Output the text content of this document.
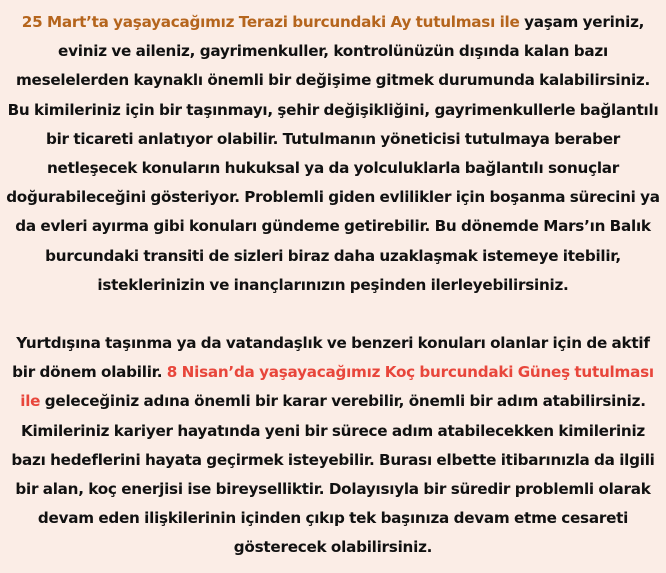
25 Mart’ta yaşayacağımız Terazi burcundaki Ay tutulması ile yaşam yeriniz, eviniz ve aileniz, gayrimenkuller, kontrolünüzün dışında kalan bazı meselelerden kaynaklı önemli bir değişime gitmek durumunda kalabilirsiniz. Bu kimileriniz için bir taşınmayı, şehir değişikliğini, gayrimenkullerle bağlantılı bir ticareti anlatıyor olabilir. Tutulmanın yöneticisi tutulmaya beraber netleşecek konuların hukuksal ya da yolculuklarla bağlantılı sonuçlar doğurabileceğini gösteriyor. Problemli giden evlilikler için boşanma sürecini ya da evleri ayırma gibi konuları gündeme getirebilir. Bu dönemde Mars’ın Balık burcundaki transiti de sizleri biraz daha uzaklaşmak istemeye itebilir, isteklerinizin ve inançlarınızın peşinden ilerleyebilirsiniz.

Yurtdışına taşınma ya da vatandaşlık ve benzeri konuları olanlar için de aktif bir dönem olabilir. 8 Nisan’da yaşayacağımız Koç burcundaki Güneş tutulması ile geleceğiniz adına önemli bir karar verebilir, önemli bir adım atabilirsiniz. Kimileriniz kariyer hayatında yeni bir sürece adım atabilecekken kimileriniz bazı hedeflerini hayata geçirmek isteyebilir. Burası elbette itibarınızla da ilgili bir alan, koç enerjisi ise bireyselliktir. Dolayısıyla bir süredir problemli olarak devam eden ilişkilerinin içinden çıkıp tek başınıza devam etme cesareti gösterecek olabilirsiniz.
